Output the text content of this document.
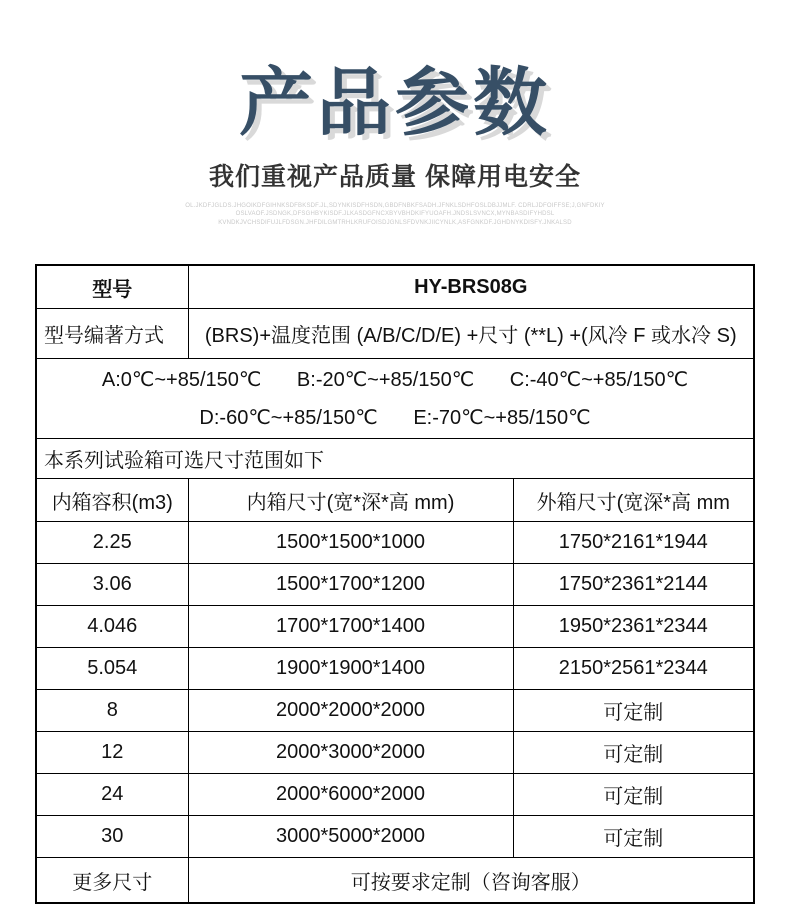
产品参数
我们重视产品质量 保障用电安全
OL.JKDFJGLDS.JHGOIKDFGIHNKSDFBKSDF.JL,SDYNKISDFHSDN,GBDFNBKFSADH.JFNKLSDHFOSLDBJJMLF. CDRLJDFOIFFSE;J,GNFDKIY
OSLVAOF.JSDNGK,DFSGHBYKISDF.JLKASDGFNCXBYVBHDKIFYUOAFH.JNDSLSVNCX,MYNBASDIFYHDSL
KVNDKJVCHSDIFUJLFDSGN.JHFDILGMTRHLKRUFOISDJGNLSFDVNKJIICYNLK,ASFGNKDF.JGHDNYKDISFY.JNKALSD
型号	HY-BRS08G	
型号编著方式	(BRS)+温度范围 (A/B/C/D/E) +尺寸 (**L) +(风冷 F 或水冷 S)	

A:0℃~+85/150℃ B:-20℃~+85/150℃ C:-40℃~+85/150℃
D:-60℃~+85/150℃ E:-70℃~+85/150℃		

本系列试验箱可选尺寸范围如下		
内箱容积(m3)	内箱尺寸(宽*深*高 mm)	外箱尺寸(宽深*高 mm
2.25	1500*1500*1000	1750*2161*1944
3.06	1500*1700*1200	1750*2361*2144
4.046	1700*1700*1400	1950*2361*2344
5.054	1900*1900*1400	2150*2561*2344
8	2000*2000*2000	可定制
12	2000*3000*2000	可定制
24	2000*6000*2000	可定制
30	3000*5000*2000	可定制
更多尺寸	可按要求定制（咨询客服）	
